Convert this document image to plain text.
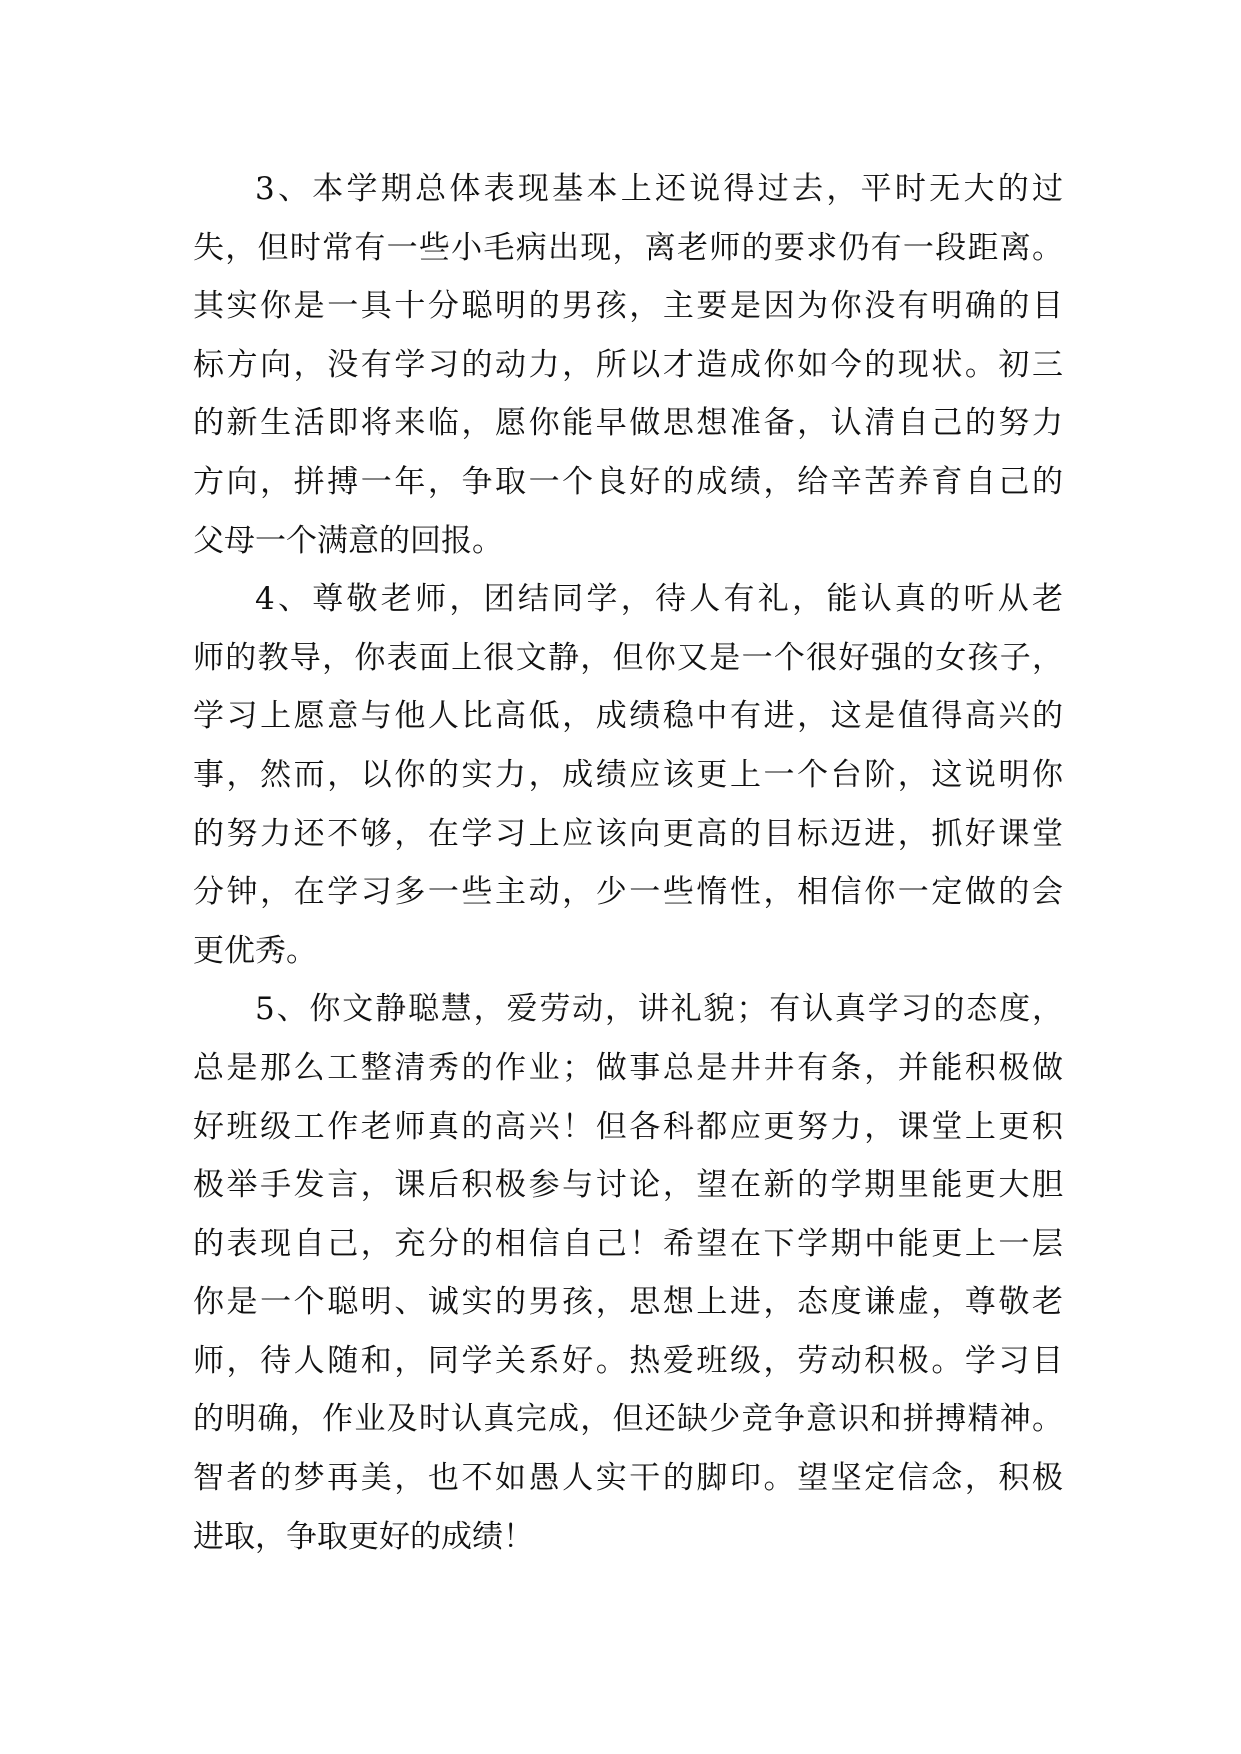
3、本学期总体表现基本上还说得过去，平时无大的过
失，但时常有一些小毛病出现，离老师的要求仍有一段距离。
其实你是一具十分聪明的男孩，主要是因为你没有明确的目
标方向，没有学习的动力，所以才造成你如今的现状。初三
的新生活即将来临，愿你能早做思想准备，认清自己的努力
方向，拼搏一年，争取一个良好的成绩，给辛苦养育自己的
父母一个满意的回报。
4、尊敬老师，团结同学，待人有礼，能认真的听从老
师的教导，你表面上很文静，但你又是一个很好强的女孩子，
学习上愿意与他人比高低，成绩稳中有进，这是值得高兴的
事，然而，以你的实力，成绩应该更上一个台阶，这说明你
的努力还不够，在学习上应该向更高的目标迈进，抓好课堂
分钟，在学习多一些主动，少一些惰性，相信你一定做的会
更优秀。
5、你文静聪慧，爱劳动，讲礼貌；有认真学习的态度，
总是那么工整清秀的作业；做事总是井井有条，并能积极做
好班级工作老师真的高兴！但各科都应更努力，课堂上更积
极举手发言，课后积极参与讨论，望在新的学期里能更大胆
的表现自己，充分的相信自己！希望在下学期中能更上一层
你是一个聪明、诚实的男孩，思想上进，态度谦虚，尊敬老
师，待人随和，同学关系好。热爱班级，劳动积极。学习目
的明确，作业及时认真完成，但还缺少竞争意识和拼搏精神。
智者的梦再美，也不如愚人实干的脚印。望坚定信念，积极
进取，争取更好的成绩！
